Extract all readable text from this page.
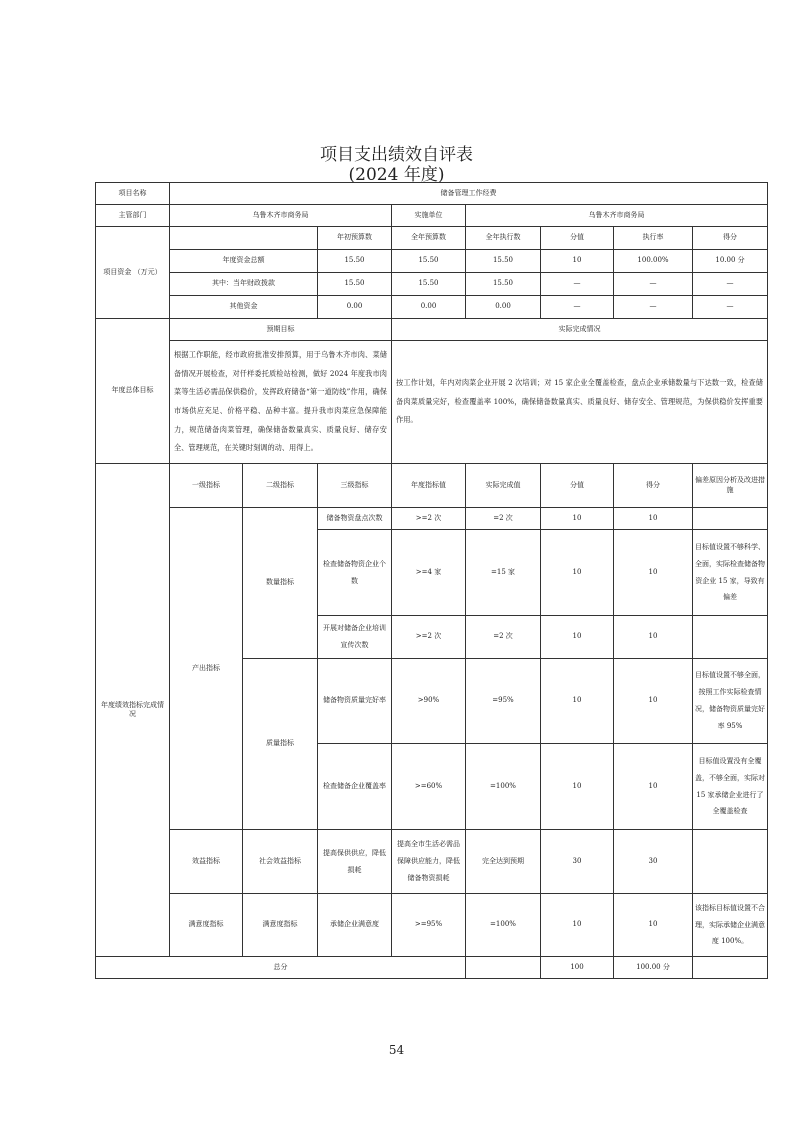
项目支出绩效自评表
(2024 年度)
项目名称	储备管理工作经费							
主管部门	乌鲁木齐市商务局			实施单位	乌鲁木齐市商务局			
项目资金 （万元）			年初预算数	全年预算数	全年执行数	分值	执行率	得分
	年度资金总额		15.50	15.50	15.50	10	100.00%	10.00 分
	其中：当年财政拨款		15.50	15.50	15.50	—	—	—
	其他资金		0.00	0.00	0.00	—	—	—
年度总体目标	预期目标			实际完成情况				
	根据工作职能，经市政府批准安排预算，用于乌鲁木齐市肉、菜储备情况开展检查，对仟样委托质检站检测，做好 2024 年度我市肉菜等生活必需品保供稳价，发挥政府储备“第一道防线”作用，确保市场供应充足、价格平稳、品种丰富。提升我市肉菜应急保障能力，规范储备肉菜管理，确保储备数量真实、质量良好、储存安全、管理规范，在关键时刻调的动、用得上。			按工作计划，年内对肉菜企业开展 2 次培训；对 15 家企业全覆盖检查，盘点企业承储数量与下达数一致，检查储备肉菜质量完好，检查覆盖率 100%，确保储备数量真实、质量良好、储存安全、管理规范，为保供稳价发挥重要作用。				
年度绩效指标完成情况	一级指标	二级指标	三级指标	年度指标值	实际完成值	分值	得分	偏差原因分析及改进措施
	产出指标	数量指标	储备物资盘点次数	>=2 次	=2 次	10	10	
			检查储备物资企业个数	>=4 家	=15 家	10	10	目标值设置不够科学、全面，实际检查储备物资企业 15 家，导致有偏差
			开展对储备企业培训宣传次数	>=2 次	=2 次	10	10	
		质量指标	储备物资质量完好率	>90%	=95%	10	10	目标值设置不够全面，按照工作实际检查情况，储备物资质量完好率 95%
			检查储备企业覆盖率	>=60%	=100%	10	10	目标值设置没有全覆盖，不够全面，实际对 15 家承储企业进行了全覆盖检查
	效益指标	社会效益指标	提高保供供应，降低损耗	提高全市生活必需品保障供应能力，降低储备物资损耗	完全达到预期	30	30	
	满意度指标	满意度指标	承储企业满意度	>=95%	=100%	10	10	该指标目标值设置不合理，实际承储企业满意度 100%。
总分						100	100.00 分	
54
